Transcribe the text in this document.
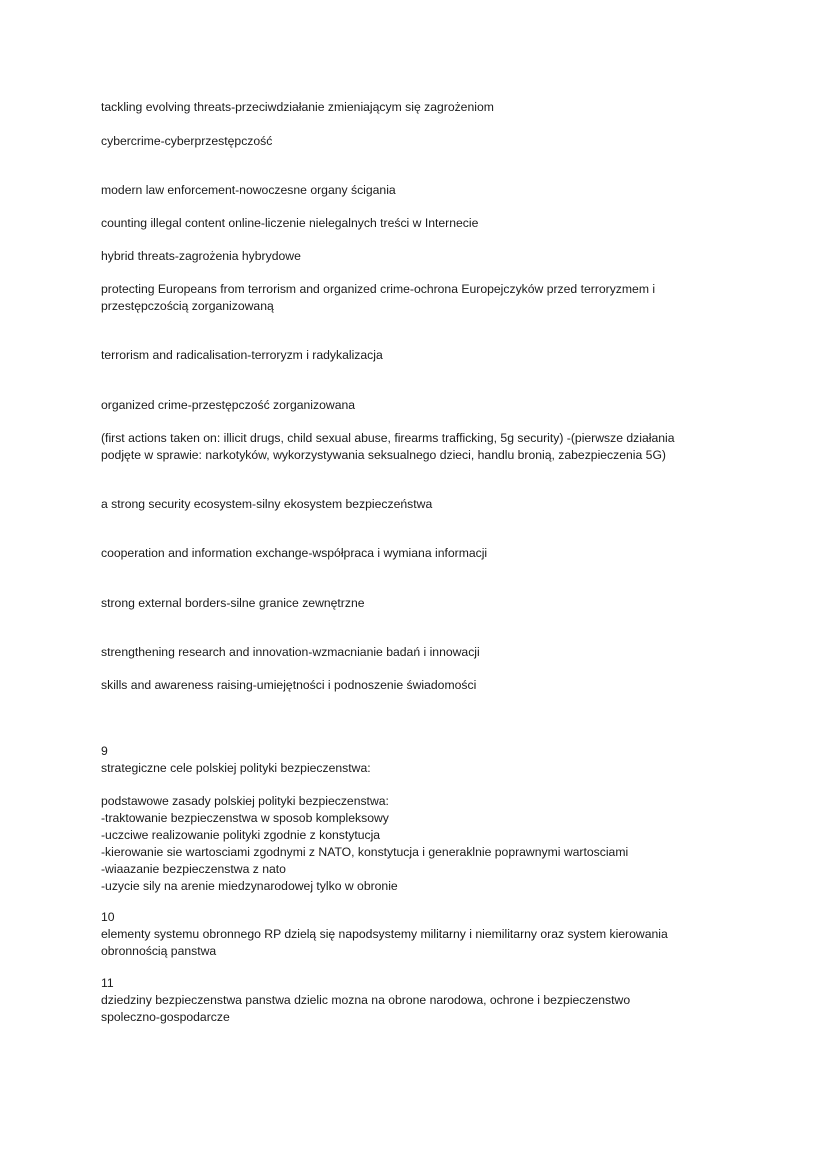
tackling evolving threats-przeciwdziałanie zmieniającym się zagrożeniom

cybercrime-cyberprzestępczość

modern law enforcement-nowoczesne organy ścigania

counting illegal content online-liczenie nielegalnych treści w Internecie

hybrid threats-zagrożenia hybrydowe

protecting Europeans from terrorism and organized crime-ochrona Europejczyków przed terroryzmem i przestępczością zorganizowaną

terrorism and radicalisation-terroryzm i radykalizacja

organized crime-przestępczość zorganizowana

(first actions taken on: illicit drugs, child sexual abuse, firearms trafficking, 5g security) -(pierwsze działania podjęte w sprawie: narkotyków, wykorzystywania seksualnego dzieci, handlu bronią, zabezpieczenia 5G)

a strong security ecosystem-silny ekosystem bezpieczeństwa

cooperation and information exchange-współpraca i wymiana informacji

strong external borders-silne granice zewnętrzne

strengthening research and innovation-wzmacnianie badań i innowacji

skills and awareness raising-umiejętności i podnoszenie świadomości

9
strategiczne cele polskiej polityki bezpieczenstwa:
podstawowe zasady polskiej polityki bezpieczenstwa:
-traktowanie bezpieczenstwa w sposob kompleksowy
-uczciwe realizowanie polityki zgodnie z konstytucja
-kierowanie sie wartosciami zgodnymi z NATO, konstytucja i generaklnie poprawnymi wartosciami
-wiaazanie bezpieczenstwa z nato
-uzycie sily na arenie miedzynarodowej tylko w obronie
10
elementy systemu obronnego RP dzielą się napodsystemy militarny i niemilitarny oraz system kierowania obronnością panstwa
11
dziedziny bezpieczenstwa panstwa dzielic mozna na obrone narodowa, ochrone i bezpieczenstwo spoleczno-gospodarcze
